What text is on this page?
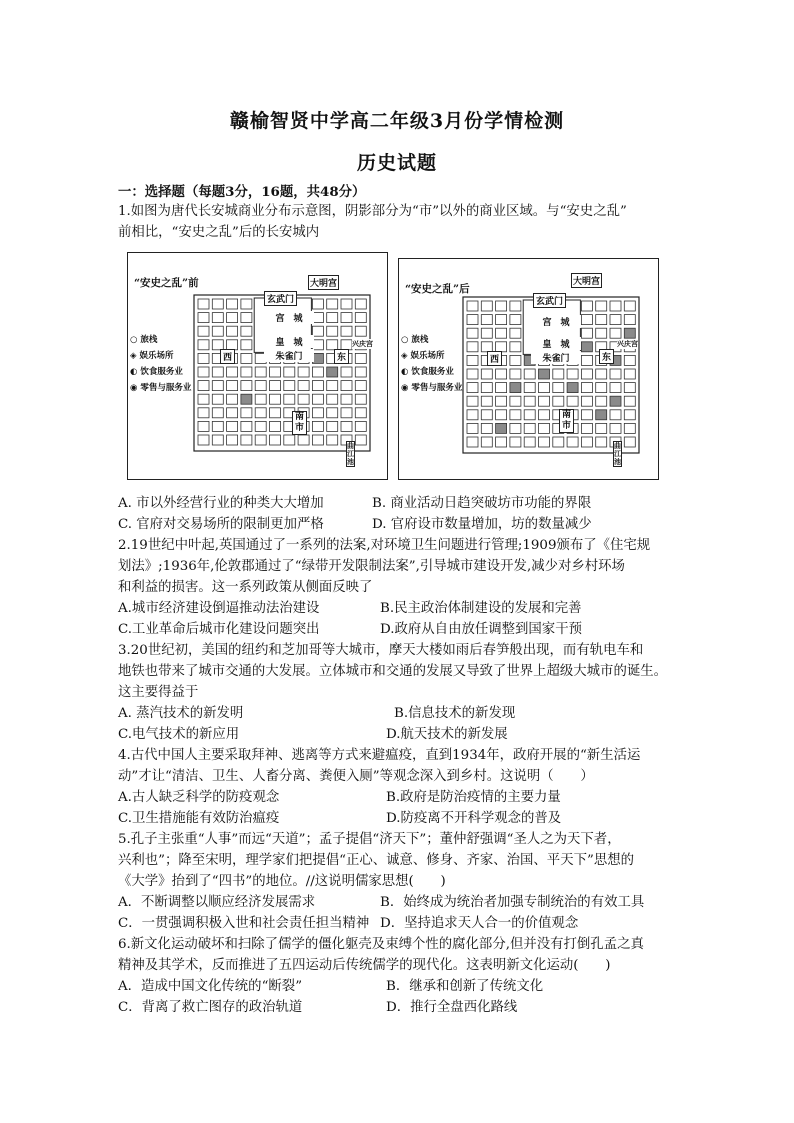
赣榆智贤中学高二年级3月份学情检测
历史试题
一：选择题（每题3分，16题，共48分）
1.如图为唐代长安城商业分布示意图，阴影部分为“市”以外的商业区域。与“安史之乱”
前相比，“安史之乱”后的长安城内
“安史之乱”前
○ 旅栈
◈ 娱乐场所
◐ 饮食服务业
◉ 零售与服务业
大明宫
玄武门
宫　城
皇　城
朱雀门
西	东
兴庆宫
南
市
曲
江
池
“安史之乱”后
○ 旅栈
◈ 娱乐场所
◐ 饮食服务业
◉ 零售与服务业
大明宫
玄武门
宫　城
皇　城
朱雀门
西	东
兴庆宫
南
市
曲
江
池
A. 市以外经营行业的种类大大增加	B. 商业活动日趋突破坊市功能的界限
C. 官府对交易场所的限制更加严格	D. 官府设市数量增加，坊的数量减少
2.19世纪中叶起,英国通过了一系列的法案,对环境卫生问题进行管理;1909颁布了《住宅规
划法》;1936年,伦敦郡通过了“绿带开发限制法案”,引导城市建设开发,减少对乡村环场
和利益的损害。这一系列政策从侧面反映了
A.城市经济建设倒逼推动法治建设	B.民主政治体制建设的发展和完善
C.工业革命后城市化建设问题突出	D.政府从自由放任调整到国家干预
3.20世纪初，美国的纽约和芝加哥等大城市，摩天大楼如雨后春笋般出现，而有轨电车和
地铁也带来了城市交通的大发展。立体城市和交通的发展又导致了世界上超级大城市的诞生。
这主要得益于
A. 蒸汽技术的新发明	B.信息技术的新发现
C.电气技术的新应用	D.航天技术的新发展
4.古代中国人主要采取拜神、逃离等方式来避瘟疫，直到1934年，政府开展的“新生活运
动”才让“清洁、卫生、人畜分离、粪便入厕”等观念深入到乡村。这说明（　　）
A.古人缺乏科学的防疫观念	B.政府是防治疫情的主要力量
C.卫生措施能有效防治瘟疫	D.防疫离不开科学观念的普及
5.孔子主张重“人事”而远“天道”；孟子提倡“济天下”；董仲舒强调“圣人之为天下者，
兴利也”；降至宋明，理学家们把提倡“正心、诚意、修身、齐家、治国、平天下”思想的
《大学》抬到了“四书”的地位。//这说明儒家思想(　　)
A．不断调整以顺应经济发展需求	B．始终成为统治者加强专制统治的有效工具
C．一贯强调积极入世和社会责任担当精神 D．坚持追求天人合一的价值观念
6.新文化运动破坏和扫除了儒学的僵化躯壳及束缚个性的腐化部分,但并没有打倒孔孟之真
精神及其学术，反而推进了五四运动后传统儒学的现代化。这表明新文化运动(　　)
A．造成中国文化传统的“断裂”	B．继承和创新了传统文化
C．背离了救亡图存的政治轨道	D．推行全盘西化路线
